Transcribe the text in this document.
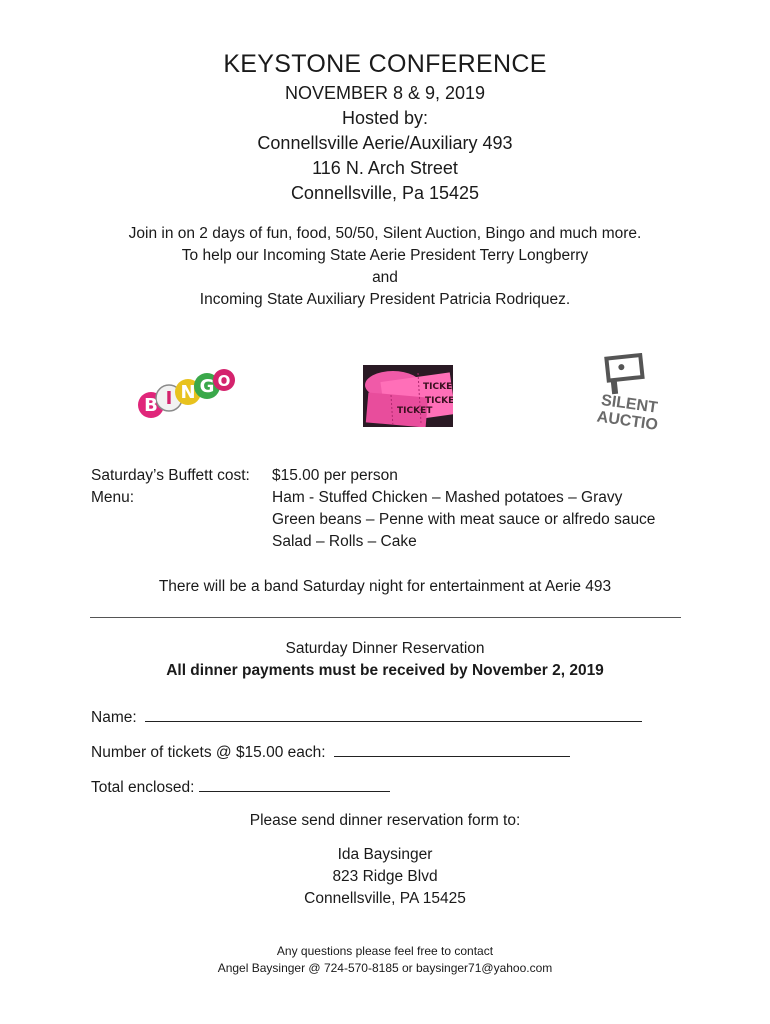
KEYSTONE CONFERENCE
NOVEMBER 8 & 9, 2019
Hosted by:
Connellsville Aerie/Auxiliary 493
116 N. Arch Street
Connellsville, Pa 15425
Join in on 2 days of fun, food, 50/50, Silent Auction, Bingo and much more.
To help our Incoming State Aerie President Terry Longberry
and
Incoming State Auxiliary President Patricia Rodriquez.
B I N G O	TICKE
TICKE
TICKET	SILENT
AUCTION
Saturday’s Buffett cost: $15.00 per person
Menu:	Ham - Stuffed Chicken – Mashed potatoes – Gravy
Green beans – Penne with meat sauce or alfredo sauce
Salad – Rolls – Cake
There will be a band Saturday night for entertainment at Aerie 493
Saturday Dinner Reservation
All dinner payments must be received by November 2, 2019
Name:
Number of tickets @ $15.00 each:
Total enclosed:
Please send dinner reservation form to:
Ida Baysinger
823 Ridge Blvd
Connellsville, PA 15425
Any questions please feel free to contact
Angel Baysinger @ 724-570-8185 or baysinger71@yahoo.com
